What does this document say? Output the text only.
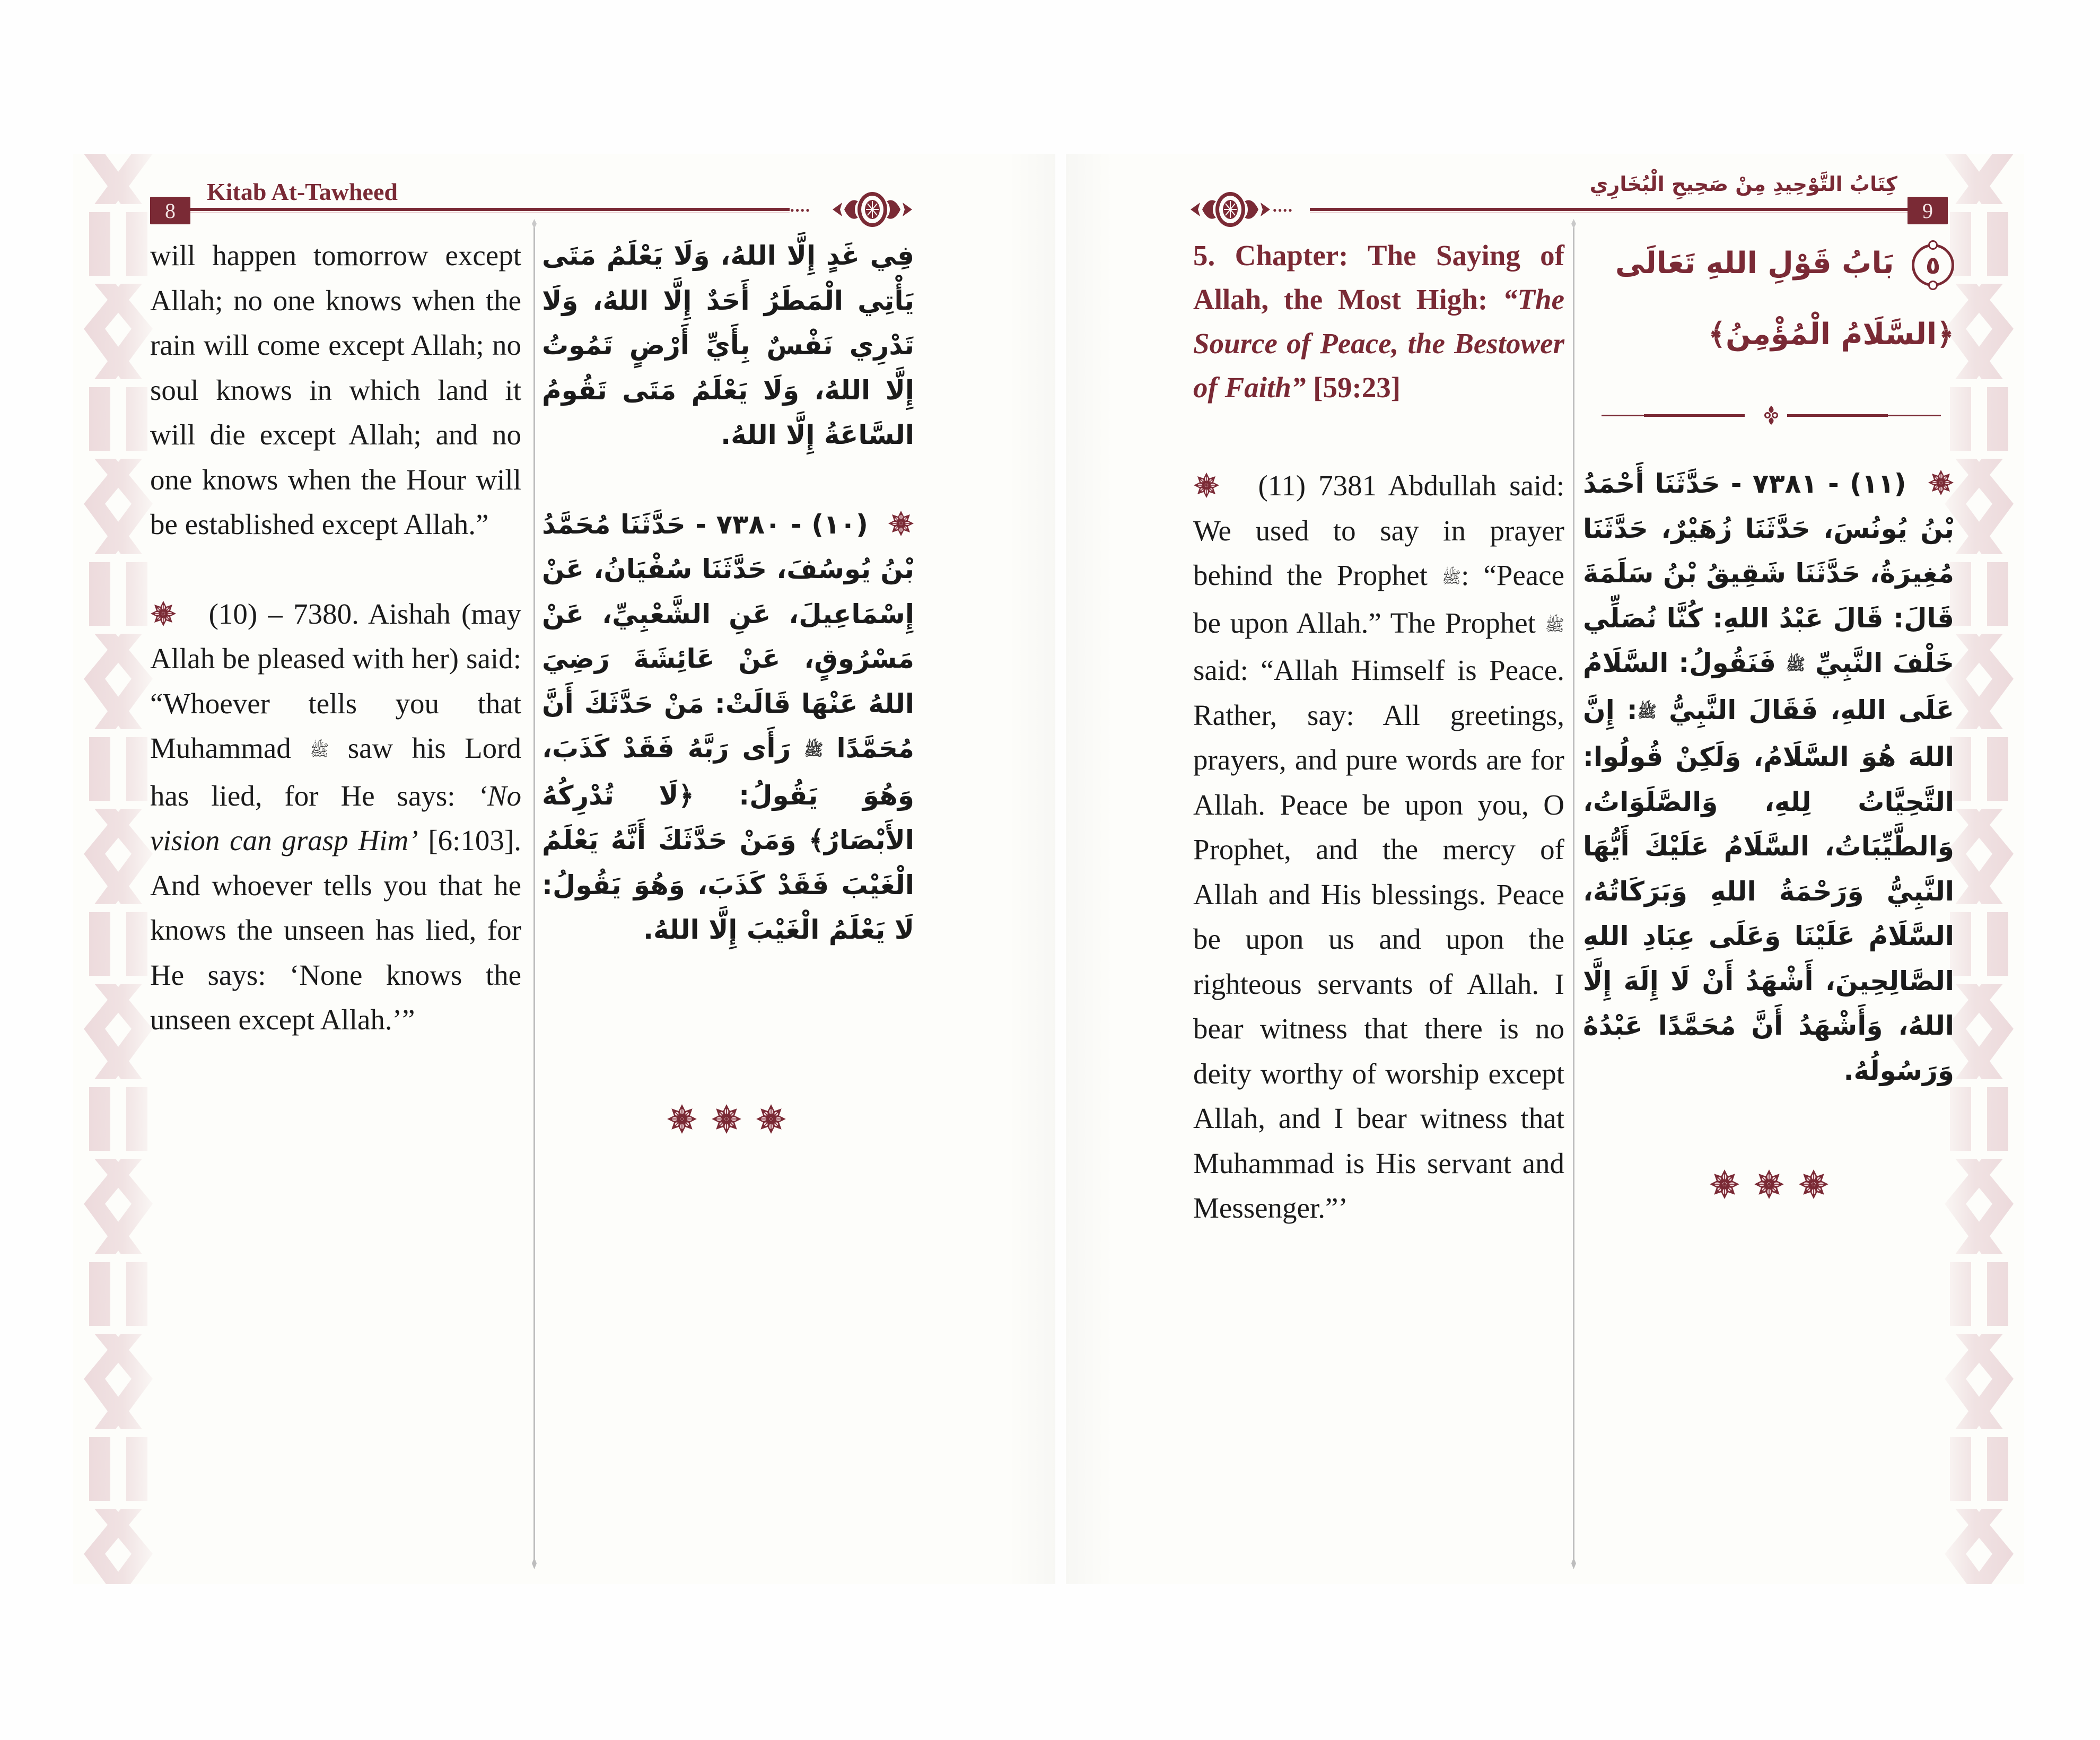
8
Kitab At-Tawheed
••••	••••
كِتَابُ التَّوْحِيدِ مِنْ صَحِيحِ الْبُخَارِي
9

will happen tomorrow except Allah; no one knows when the rain will come except Allah; no soul knows in which land it will die except Allah; and no one knows when the Hour will be established except Allah.”

(10) – 7380. Aishah (may Allah be pleased with her) said: “Whoever tells you that Muhammad ﷺ saw his Lord has lied, for He says: ‘No vision can grasp Him’ [6:103]. And whoever tells you that he knows the unseen has lied, for He says: ‘None knows the unseen except Allah.’”

فِي غَدٍ إِلَّا اللهُ، وَلَا يَعْلَمُ مَتَى يَأْتِي الْمَطَرُ أَحَدٌ إِلَّا اللهُ، وَلَا تَدْرِي نَفْسٌ بِأَيِّ أَرْضٍ تَمُوتُ إِلَّا اللهُ، وَلَا يَعْلَمُ مَتَى تَقُومُ السَّاعَةُ إِلَّا اللهُ.

(١٠) - ٧٣٨٠ - حَدَّثَنَا مُحَمَّدُ بْنُ يُوسُفَ، حَدَّثَنَا سُفْيَانُ، عَنْ إِسْمَاعِيلَ، عَنِ الشَّعْبِيِّ، عَنْ مَسْرُوقٍ، عَنْ عَائِشَةَ رَضِيَ اللهُ عَنْهَا قَالَتْ: مَنْ حَدَّثَكَ أَنَّ مُحَمَّدًا ﷺ رَأَى رَبَّهُ فَقَدْ كَذَبَ، وَهُوَ يَقُولُ: ﴿لَا تُدْرِكُهُ الأَبْصَارُ﴾ وَمَنْ حَدَّثَكَ أَنَّهُ يَعْلَمُ الْغَيْبَ فَقَدْ كَذَبَ، وَهُوَ يَقُولُ: لَا يَعْلَمُ الْغَيْبَ إِلَّا اللهُ.

5. Chapter: The Saying of Allah, the Most High: “The Source of Peace, the Bestower of Faith” [59:23]

(11) 7381 Abdullah said: We used to say in prayer behind the Prophet ﷺ: “Peace be upon Allah.” The Prophet ﷺ said: “Allah Himself is Peace. Rather, say: All greetings, prayers, and pure words are for Allah. Peace be upon you, O Prophet, and the mercy of Allah and His blessings. Peace be upon us and upon the righteous servants of Allah. I bear witness that there is no deity worthy of worship except Allah, and I bear witness that Muhammad is His servant and Messenger.”’

٥ بَابُ قَوْلِ اللهِ تَعَالَى ﴿السَّلَامُ الْمُؤْمِنُ﴾

(١١) - ٧٣٨١ - حَدَّثَنَا أَحْمَدُ بْنُ يُونُسَ، حَدَّثَنَا زُهَيْرٌ، حَدَّثَنَا مُغِيرَةُ، حَدَّثَنَا شَقِيقُ بْنُ سَلَمَةَ قَالَ: قَالَ عَبْدُ اللهِ: كُنَّا نُصَلِّي خَلْفَ النَّبِيِّ ﷺ فَنَقُولُ: السَّلَامُ عَلَى اللهِ، فَقَالَ النَّبِيُّ ﷺ: إِنَّ اللهَ هُوَ السَّلَامُ، وَلَكِنْ قُولُوا: التَّحِيَّاتُ لِلهِ، وَالصَّلَوَاتُ، وَالطَّيِّبَاتُ، السَّلَامُ عَلَيْكَ أَيُّهَا النَّبِيُّ وَرَحْمَةُ اللهِ وَبَرَكَاتُهُ، السَّلَامُ عَلَيْنَا وَعَلَى عِبَادِ اللهِ الصَّالِحِينَ، أَشْهَدُ أَنْ لَا إِلَهَ إِلَّا اللهُ، وَأَشْهَدُ أَنَّ مُحَمَّدًا عَبْدُهُ وَرَسُولُهُ.
